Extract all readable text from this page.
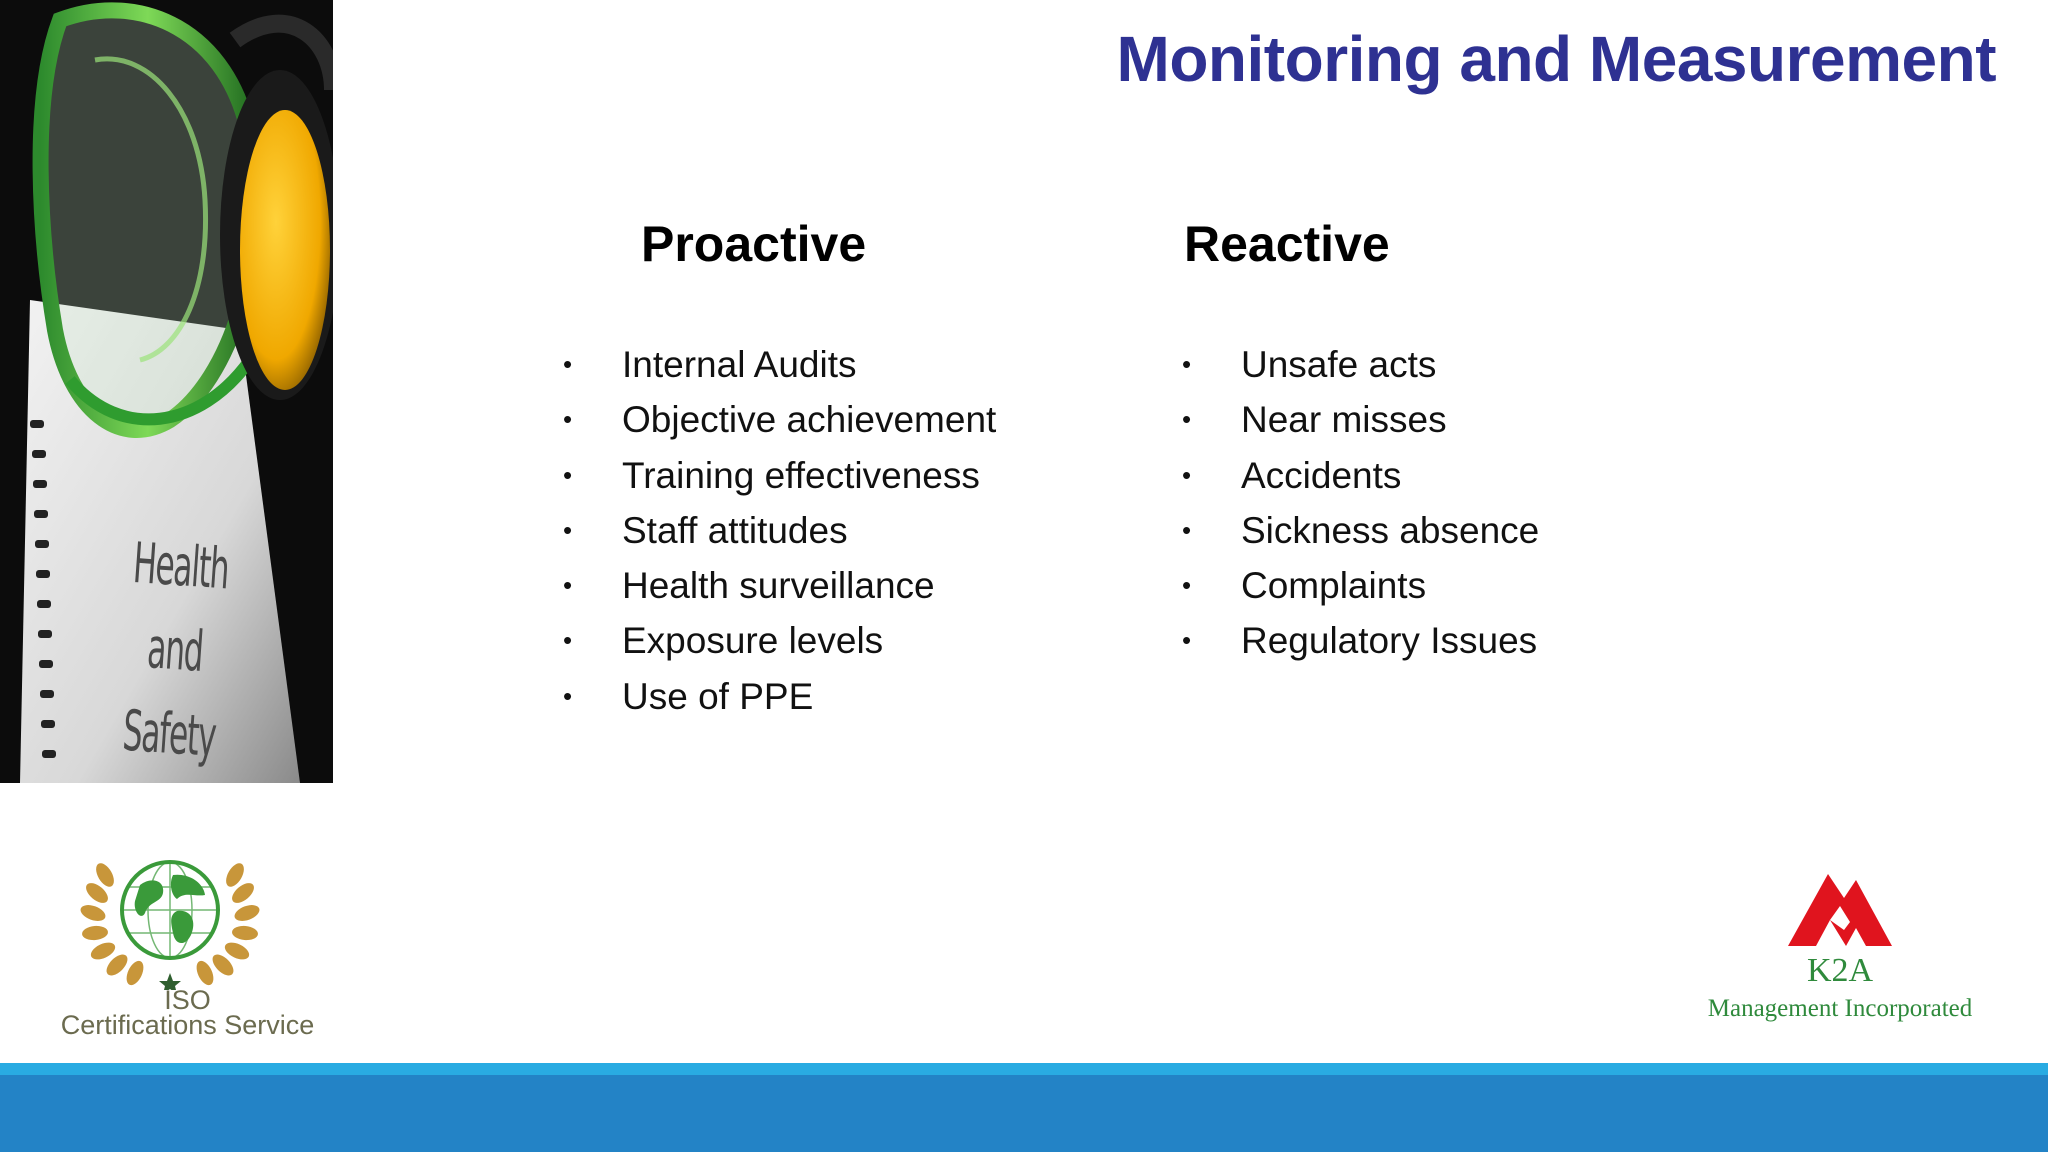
Health and
Safety
Monitoring and Measurement
Proactive	Reactive
• Internal Audits
• Objective achievement
• Training effectiveness
• Staff attitudes
• Health surveillance
• Exposure levels
• Use of PPE
• Unsafe acts
• Near misses
• Accidents
• Sickness absence
• Complaints
• Regulatory Issues
ISO
Certifications Service
K2A
Management Incorporated
